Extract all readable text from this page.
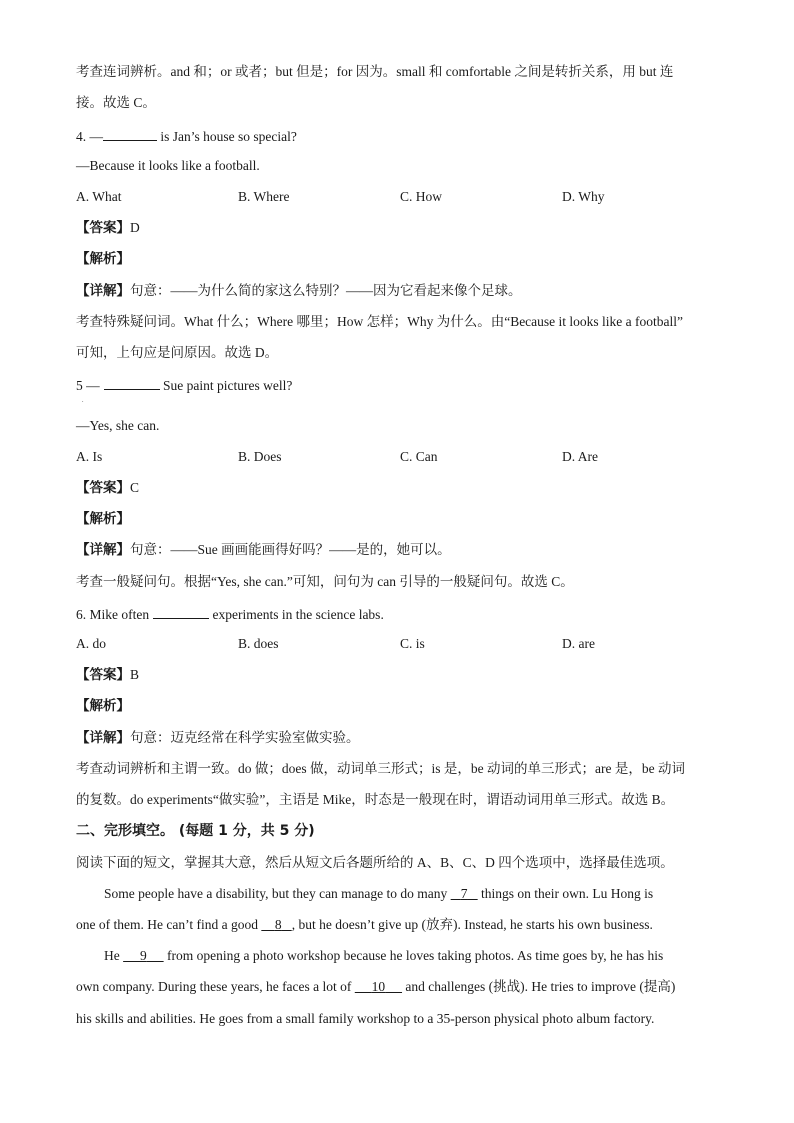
考查连词辨析。and 和；or 或者；but 但是；for 因为。small 和 comfortable 之间是转折关系，用 but 连
接。故选 C。
4. —	is Jan’s house so special?
—Because it looks like a football.
A. What	B. Where	C. How	D. Why
【答案】D
【解析】
【详解】句意：——为什么简的家这么特别？——因为它看起来像个足球。
考查特殊疑问词。What 什么；Where 哪里；How 怎样；Why 为什么。由“Because it looks like a football”
可知，上句应是问原因。故选 D。
5 —	Sue paint pictures well?
.
—Yes, she can.
A. Is	B. Does	C. Can	D. Are
【答案】C
【解析】
【详解】句意：——Sue 画画能画得好吗？——是的，她可以。
考查一般疑问句。根据“Yes, she can.”可知，问句为 can 引导的一般疑问句。故选 C。
6. Mike often	experiments in the science labs.
A. do	B. does	C. is	D. are
【答案】B
【解析】
【详解】句意：迈克经常在科学实验室做实验。
考查动词辨析和主谓一致。do 做；does 做，动词单三形式；is 是，be 动词的单三形式；are 是，be 动词
的复数。do experiments“做实验”，主语是 Mike，时态是一般现在时，谓语动词用单三形式。故选 B。
二、完形填空。 (每题 1 分，共 5 分)
阅读下面的短文，掌握其大意，然后从短文后各题所给的 A、B、C、D 四个选项中，选择最佳选项。
Some people have a disability, but they can manage to do many    7    things on their own. Lu Hong is
one of them. He can’t find a good     8 , but he doesn’t give up (放弃). Instead, he starts his own business.
He      9      from opening a photo workshop because he loves taking photos. As time goes by, he has his
own company. During these years, he faces a lot of      10      and challenges (挑战). He tries to improve (提高)
his skills and abilities. He goes from a small family workshop to a 35-person physical photo album factory.
